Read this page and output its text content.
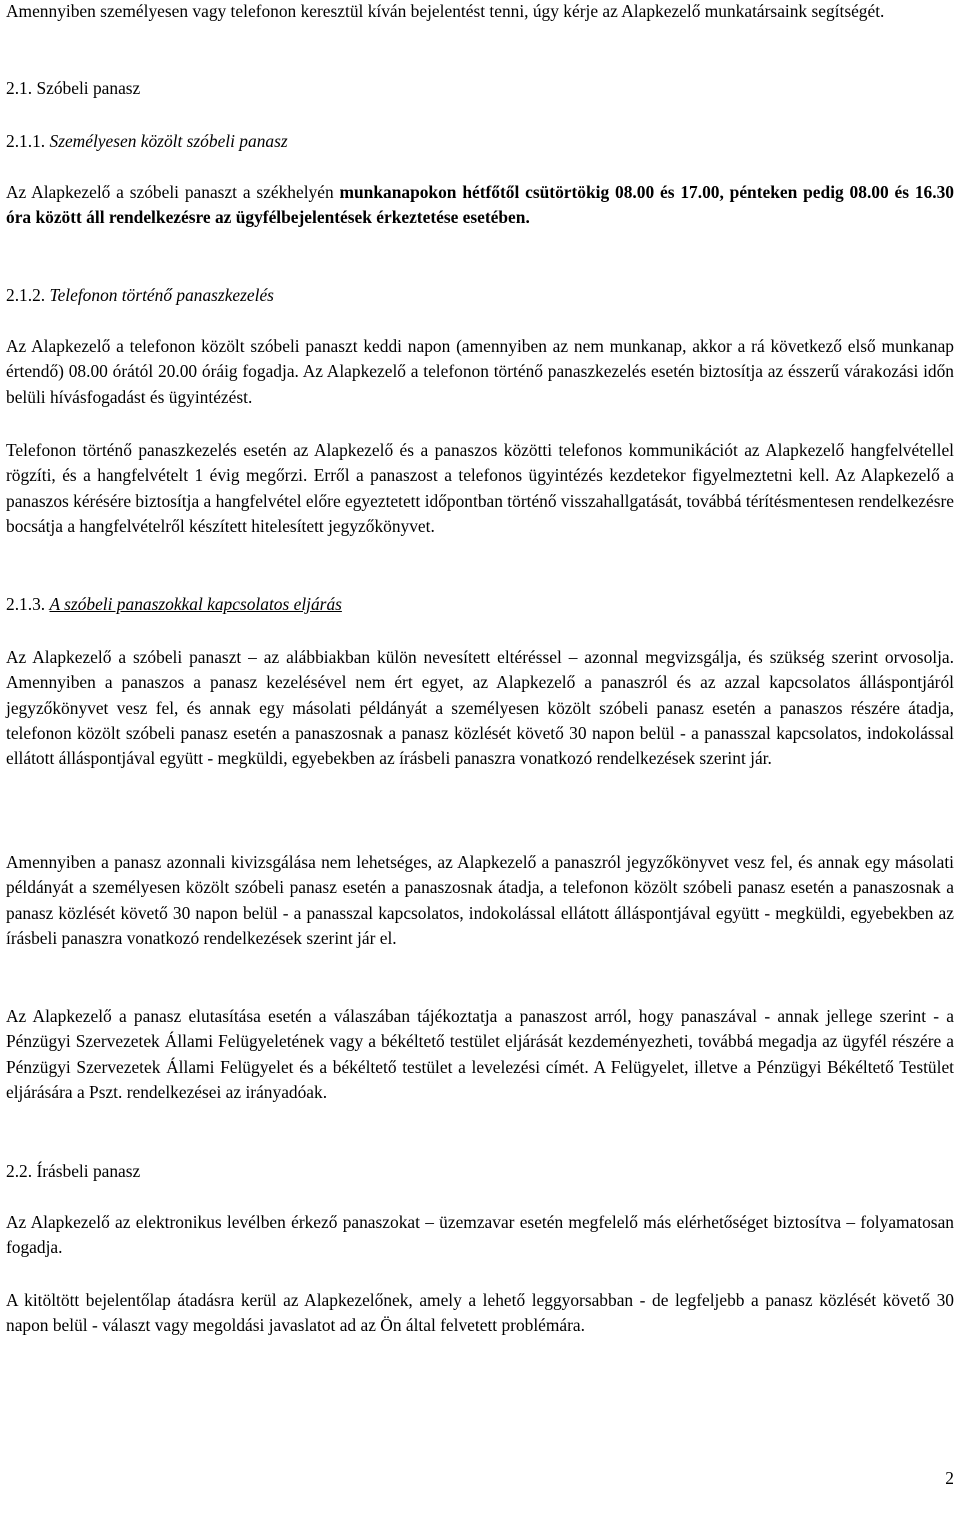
Amennyiben személyesen vagy telefonon keresztül kíván bejelentést tenni, úgy kérje az Alapkezelő munkatársaink segítségét.

2.1. Szóbeli panasz

2.1.1. Személyesen közölt szóbeli panasz

Az Alapkezelő a szóbeli panaszt a székhelyén munkanapokon hétfőtől csütörtökig 08.00 és 17.00, pénteken pedig 08.00 és 16.30 óra között áll rendelkezésre az ügyfélbejelentések érkeztetése esetében.

2.1.2. Telefonon történő panaszkezelés

Az Alapkezelő a telefonon közölt szóbeli panaszt keddi napon (amennyiben az nem munkanap, akkor a rá következő első munkanap értendő) 08.00 órától 20.00 óráig fogadja. Az Alapkezelő a telefonon történő panaszkezelés esetén biztosítja az ésszerű várakozási időn belüli hívásfogadást és ügyintézést.

Telefonon történő panaszkezelés esetén az Alapkezelő és a panaszos közötti telefonos kommunikációt az Alapkezelő hangfelvétellel rögzíti, és a hangfelvételt 1 évig megőrzi. Erről a panaszost a telefonos ügyintézés kezdetekor figyelmeztetni kell. Az Alapkezelő a panaszos kérésére biztosítja a hangfelvétel előre egyeztetett időpontban történő visszahallgatását, továbbá térítésmentesen rendelkezésre bocsátja a hangfelvételről készített hitelesített jegyzőkönyvet.

2.1.3. A szóbeli panaszokkal kapcsolatos eljárás

Az Alapkezelő a szóbeli panaszt – az alábbiakban külön nevesített eltéréssel – azonnal megvizsgálja, és szükség szerint orvosolja. Amennyiben a panaszos a panasz kezelésével nem ért egyet, az Alapkezelő a panaszról és az azzal kapcsolatos álláspontjáról jegyzőkönyvet vesz fel, és annak egy másolati példányát a személyesen közölt szóbeli panasz esetén a panaszos részére átadja, telefonon közölt szóbeli panasz esetén a panaszosnak a panasz közlését követő 30 napon belül - a panasszal kapcsolatos, indokolással ellátott álláspontjával együtt - megküldi, egyebekben az írásbeli panaszra vonatkozó rendelkezések szerint jár.

Amennyiben a panasz azonnali kivizsgálása nem lehetséges, az Alapkezelő a panaszról jegyzőkönyvet vesz fel, és annak egy másolati példányát a személyesen közölt szóbeli panasz esetén a panaszosnak átadja, a telefonon közölt szóbeli panasz esetén a panaszosnak a panasz közlését követő 30 napon belül - a panasszal kapcsolatos, indokolással ellátott álláspontjával együtt - megküldi, egyebekben az írásbeli panaszra vonatkozó rendelkezések szerint jár el.

Az Alapkezelő a panasz elutasítása esetén a válaszában tájékoztatja a panaszost arról, hogy panaszával - annak jellege szerint - a Pénzügyi Szervezetek Állami Felügyeletének vagy a békéltető testület eljárását kezdeményezheti, továbbá megadja az ügyfél részére a Pénzügyi Szervezetek Állami Felügyelet és a békéltető testület a levelezési címét. A Felügyelet, illetve a Pénzügyi Békéltető Testület eljárására a Pszt. rendelkezései az irányadóak.

2.2. Írásbeli panasz

Az Alapkezelő az elektronikus levélben érkező panaszokat – üzemzavar esetén megfelelő más elérhetőséget biztosítva – folyamatosan fogadja.

A kitöltött bejelentőlap átadásra kerül az Alapkezelőnek, amely a lehető leggyorsabban - de legfeljebb a panasz közlését követő 30 napon belül - választ vagy megoldási javaslatot ad az Ön által felvetett problémára.

2
